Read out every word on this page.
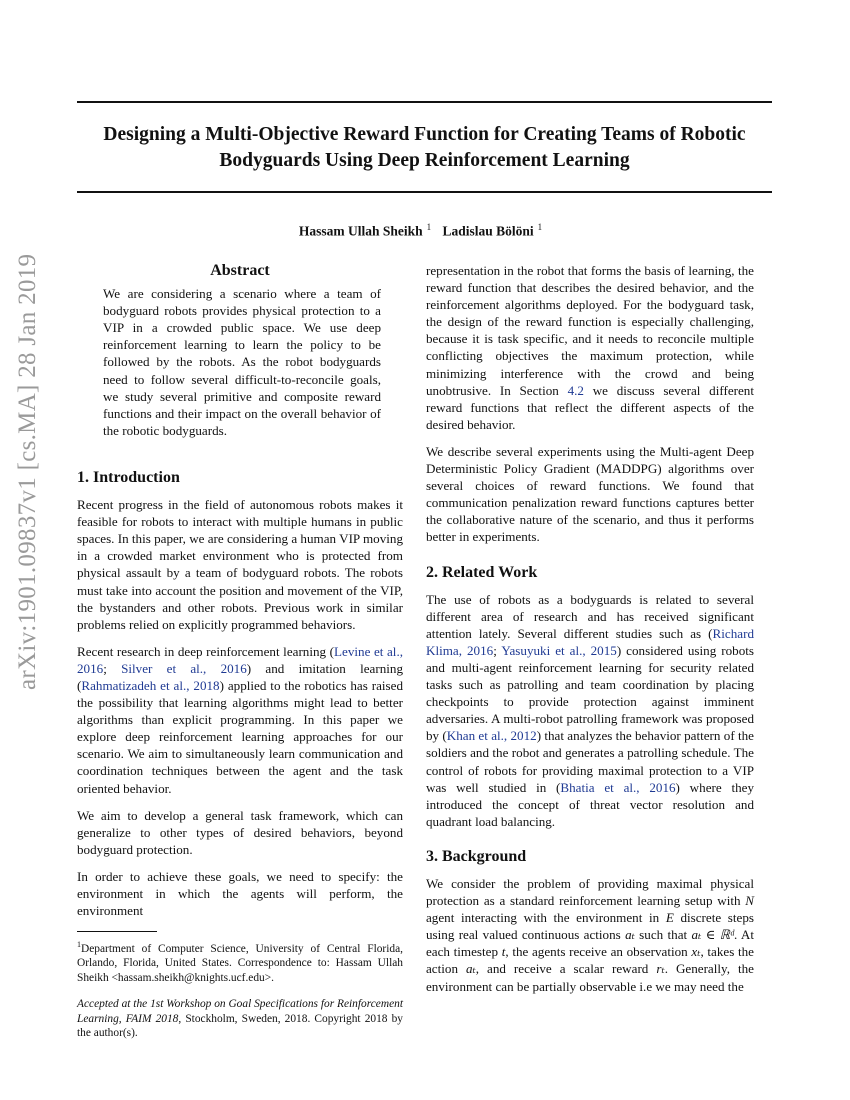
arXiv:1901.09837v1 [cs.MA] 28 Jan 2019
Designing a Multi-Objective Reward Function for Creating Teams of Robotic Bodyguards Using Deep Reinforcement Learning
Hassam Ullah Sheikh $^1$ Ladislau Bölöni $^1$
Abstract

We are considering a scenario where a team of bodyguard robots provides physical protection to a VIP in a crowded public space. We use deep reinforcement learning to learn the policy to be followed by the robots. As the robot bodyguards need to follow several difficult-to-reconcile goals, we study several primitive and composite reward functions and their impact on the overall behavior of the robotic bodyguards.

1. Introduction

Recent progress in the field of autonomous robots makes it feasible for robots to interact with multiple humans in public spaces. In this paper, we are considering a human VIP moving in a crowded market environment who is protected from physical assault by a team of bodyguard robots. The robots must take into account the position and movement of the VIP, the bystanders and other robots. Previous work in similar problems relied on explicitly programmed behaviors.

Recent research in deep reinforcement learning (Levine et al., 2016; Silver et al., 2016) and imitation learning (Rahmatizadeh et al., 2018) applied to the robotics has raised the possibility that learning algorithms might lead to better algorithms than explicit programming. In this paper we explore deep reinforcement learning approaches for our scenario. We aim to simultaneously learn communication and coordination techniques between the agent and the task oriented behavior.

We aim to develop a general task framework, which can generalize to other types of desired behaviors, beyond bodyguard protection.

In order to achieve these goals, we need to specify: the environment in which the agents will perform, the environment

$^1$Department of Computer Science, University of Central Florida, Orlando, Florida, United States. Correspondence to: Hassam Ullah Sheikh <hassam.sheikh@knights.ucf.edu>.

Accepted at the 1st Workshop on Goal Specifications for Reinforcement Learning, FAIM 2018, Stockholm, Sweden, 2018. Copyright 2018 by the author(s).

representation in the robot that forms the basis of learning, the reward function that describes the desired behavior, and the reinforcement algorithms deployed. For the bodyguard task, the design of the reward function is especially challenging, because it is task specific, and it needs to reconcile multiple conflicting objectives the maximum protection, while minimizing interference with the crowd and being unobtrusive. In Section 4.2 we discuss several different reward functions that reflect the different aspects of the desired behavior.

We describe several experiments using the Multi-agent Deep Deterministic Policy Gradient (MADDPG) algorithms over several choices of reward functions. We found that communication penalization reward functions captures better the collaborative nature of the scenario, and thus it performs better in experiments.

2. Related Work

The use of robots as a bodyguards is related to several different area of research and has received significant attention lately. Several different studies such as (Richard Klima, 2016; Yasuyuki et al., 2015) considered using robots and multi-agent reinforcement learning for security related tasks such as patrolling and team coordination by placing checkpoints to provide protection against imminent adversaries. A multi-robot patrolling framework was proposed by (Khan et al., 2012) that analyzes the behavior pattern of the soldiers and the robot and generates a patrolling schedule. The control of robots for providing maximal protection to a VIP was well studied in (Bhatia et al., 2016) where they introduced the concept of threat vector resolution and quadrant load balancing.

3. Background

We consider the problem of providing maximal physical protection as a standard reinforcement learning setup with N agent interacting with the environment in E discrete steps using real valued continuous actions aₜ such that aₜ ∈ ℝᵈ. At each timestep t, the agents receive an observation xₜ, takes the action aₜ, and receive a scalar reward rₜ. Generally, the environment can be partially observable i.e we may need the
